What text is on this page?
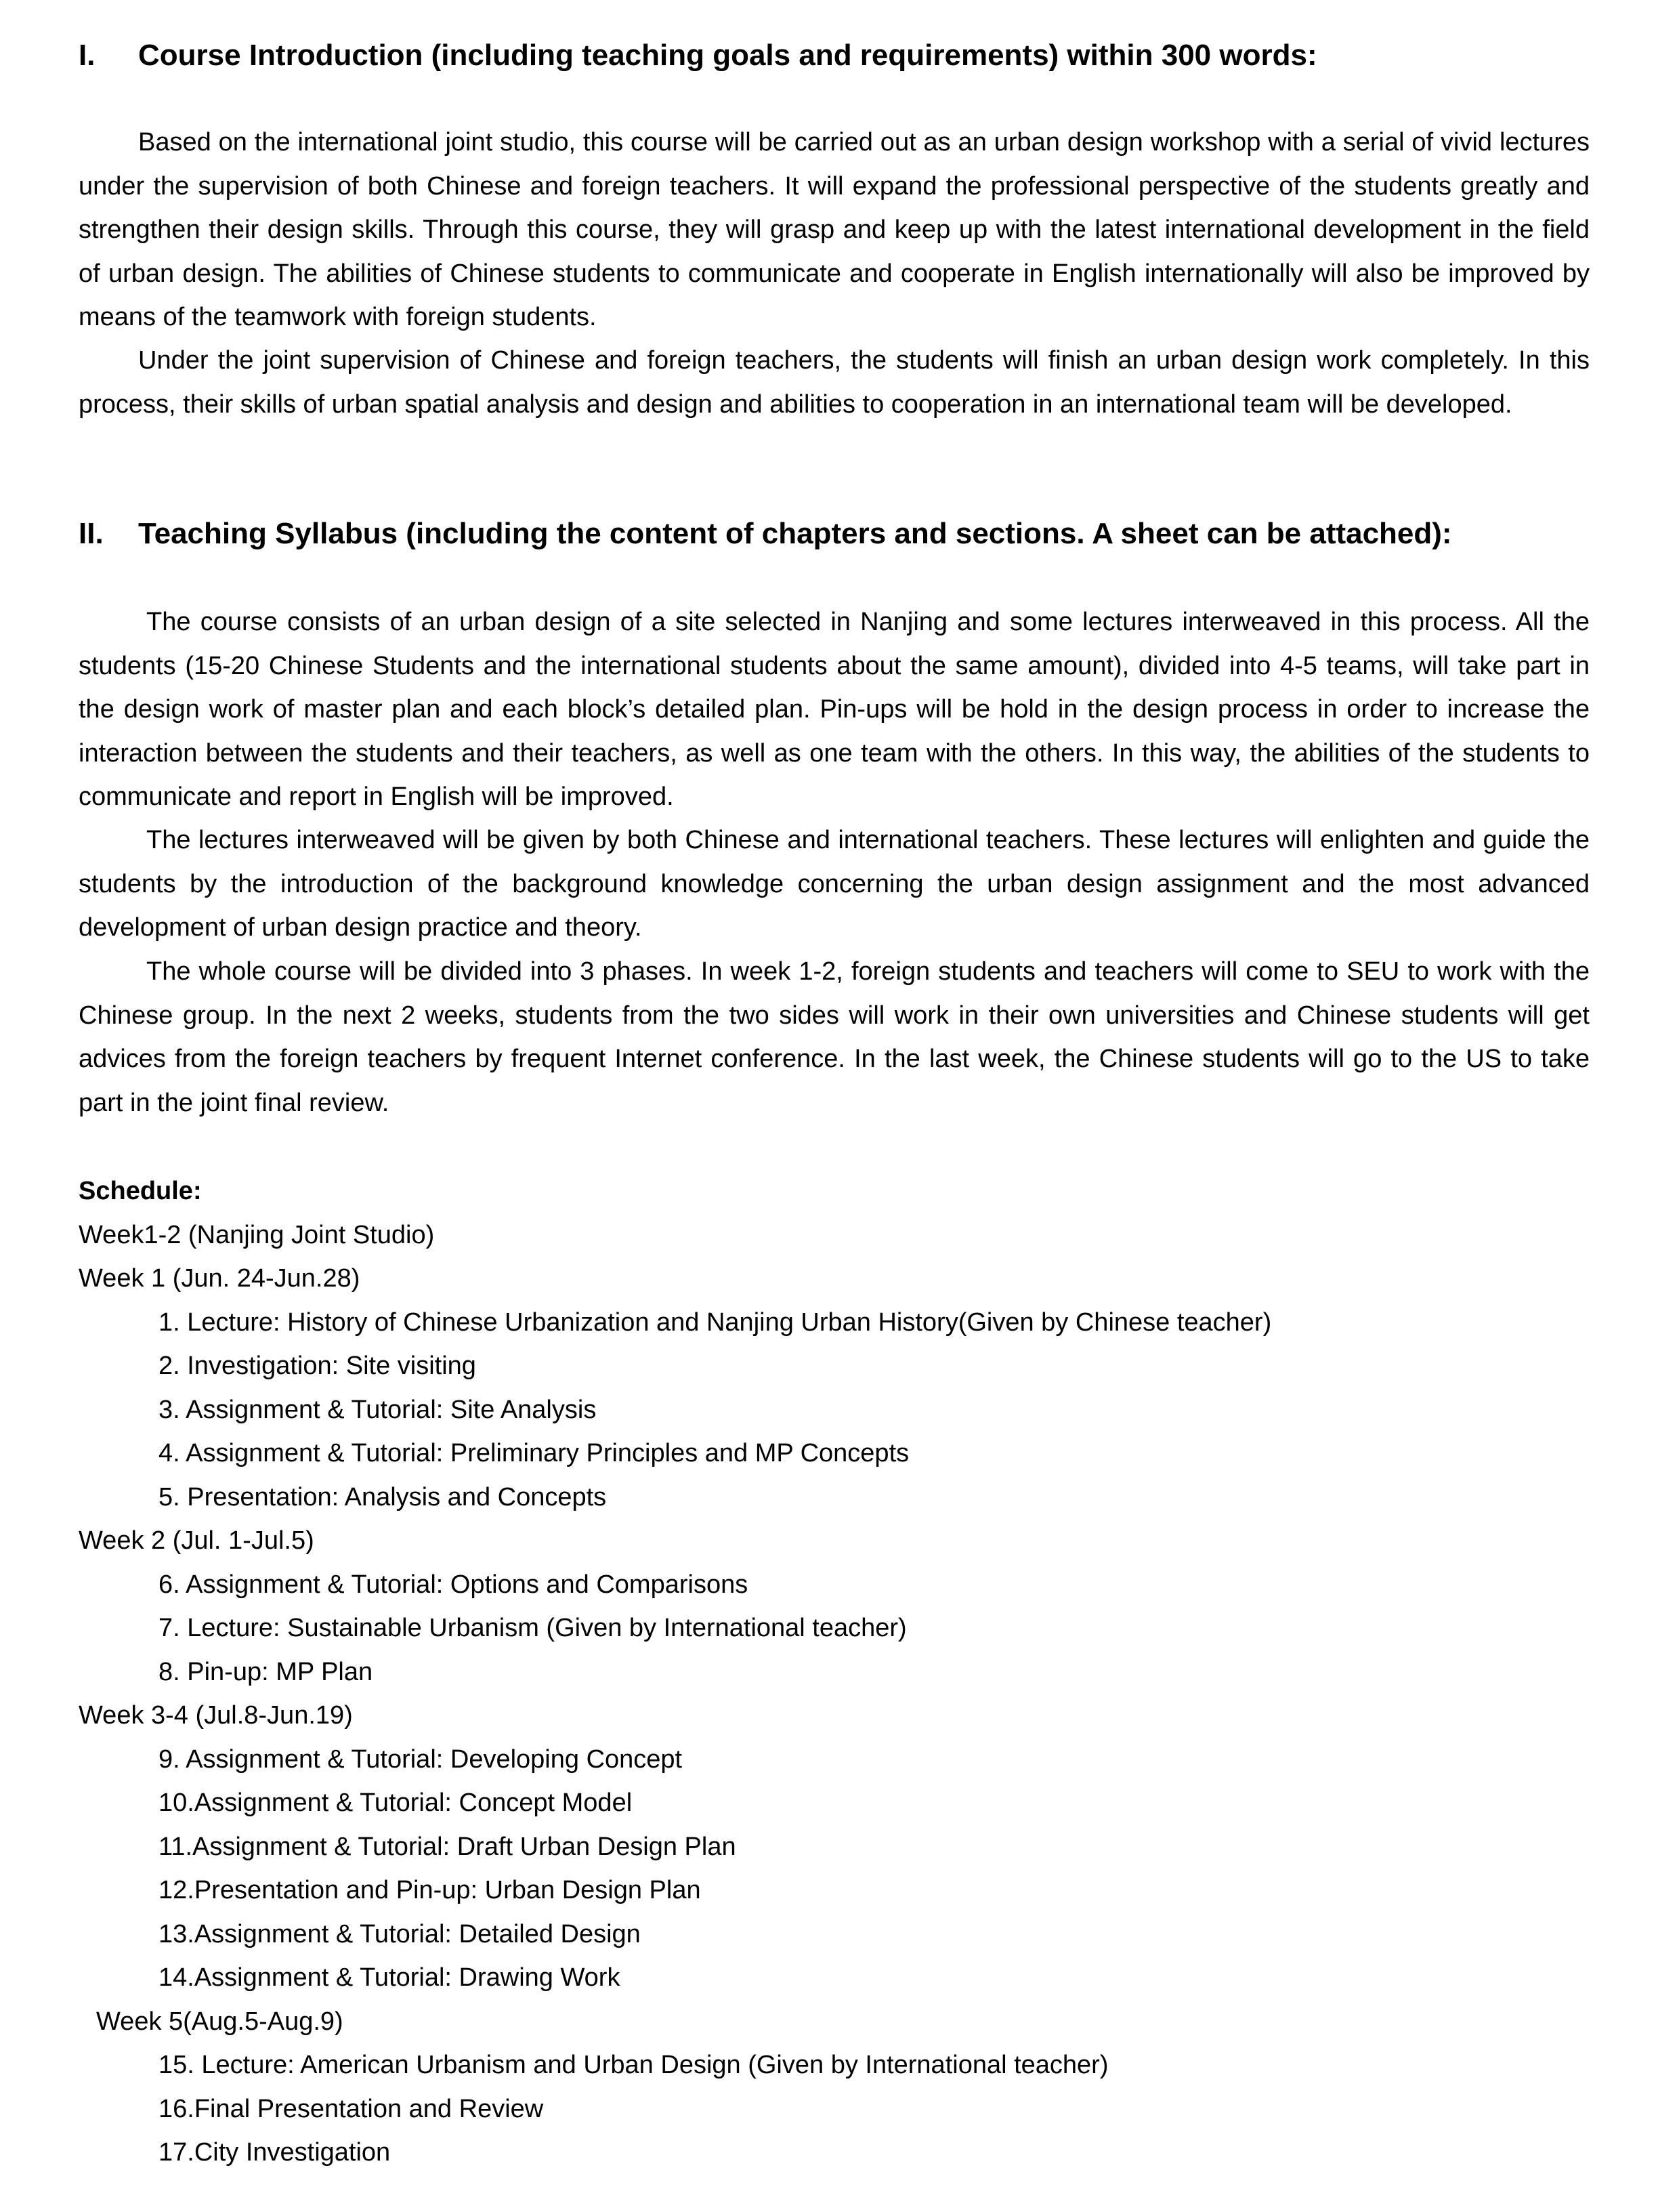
I. Course Introduction (including teaching goals and requirements) within 300 words:

Based on the international joint studio, this course will be carried out as an urban design workshop with a serial of vivid lectures under the supervision of both Chinese and foreign teachers. It will expand the professional perspective of the students greatly and strengthen their design skills. Through this course, they will grasp and keep up with the latest international development in the field of urban design. The abilities of Chinese students to communicate and cooperate in English internationally will also be improved by means of the teamwork with foreign students.

Under the joint supervision of Chinese and foreign teachers, the students will finish an urban design work completely. In this process, their skills of urban spatial analysis and design and abilities to cooperation in an international team will be developed.

II. Teaching Syllabus (including the content of chapters and sections. A sheet can be attached):

The course consists of an urban design of a site selected in Nanjing and some lectures interweaved in this process. All the students (15-20 Chinese Students and the international students about the same amount), divided into 4-5 teams, will take part in the design work of master plan and each block’s detailed plan. Pin-ups will be hold in the design process in order to increase the interaction between the students and their teachers, as well as one team with the others. In this way, the abilities of the students to communicate and report in English will be improved.

The lectures interweaved will be given by both Chinese and international teachers. These lectures will enlighten and guide the students by the introduction of the background knowledge concerning the urban design assignment and the most advanced development of urban design practice and theory.

The whole course will be divided into 3 phases. In week 1-2, foreign students and teachers will come to SEU to work with the Chinese group. In the next 2 weeks, students from the two sides will work in their own universities and Chinese students will get advices from the foreign teachers by frequent Internet conference. In the last week, the Chinese students will go to the US to take part in the joint final review.

Schedule:

Week1-2 (Nanjing Joint Studio)

Week 1 (Jun. 24-Jun.28)

1. Lecture: History of Chinese Urbanization and Nanjing Urban History(Given by Chinese teacher)

2. Investigation: Site visiting

3. Assignment & Tutorial: Site Analysis

4. Assignment & Tutorial: Preliminary Principles and MP Concepts

5. Presentation: Analysis and Concepts

Week 2 (Jul. 1-Jul.5)

6. Assignment & Tutorial: Options and Comparisons

7. Lecture: Sustainable Urbanism (Given by International teacher)

8. Pin-up: MP Plan

Week 3-4 (Jul.8-Jun.19)

9. Assignment & Tutorial: Developing Concept

10.Assignment & Tutorial: Concept Model

11.Assignment & Tutorial: Draft Urban Design Plan

12.Presentation and Pin-up: Urban Design Plan

13.Assignment & Tutorial: Detailed Design

14.Assignment & Tutorial: Drawing Work

Week 5(Aug.5-Aug.9)

15. Lecture: American Urbanism and Urban Design (Given by International teacher)

16.Final Presentation and Review

17.City Investigation
